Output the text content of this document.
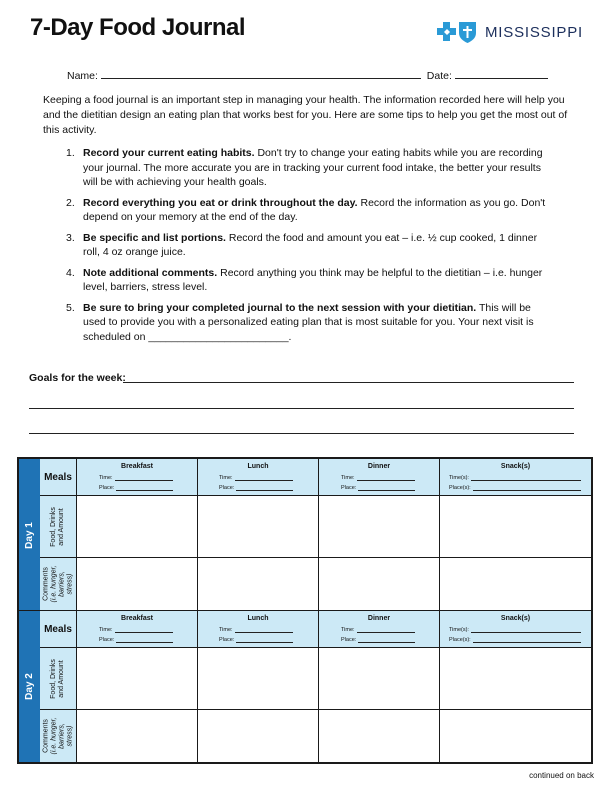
7-Day Food Journal	MISSISSIPPI
Name:	Date:
Keeping a food journal is an important step in managing your health. The information recorded here will help you and the dietitian design an eating plan that works best for you. Here are some tips to help you get the most out of this activity.
1. Record your current eating habits. Don't try to change your eating habits while you are recording your journal. The more accurate you are in tracking your current food intake, the better your results will be with achieving your health goals.
2. Record everything you eat or drink throughout the day. Record the information as you go. Don't depend on your memory at the end of the day.
3. Be specific and list portions. Record the food and amount you eat – i.e. ½ cup cooked, 1 dinner roll, 4 oz orange juice.
4. Note additional comments. Record anything you think may be helpful to the dietitian – i.e. hunger level, barriers, stress level.
5. Be sure to bring your completed journal to the next session with your dietitian. This will be used to provide you with a personalized eating plan that is most suitable for you. Your next visit is scheduled on ________________________.
Goals for the week:
Day 1
Meals
Food, Drinks and Amount
Comments (i.e. hunger, barriers, stress)
Breakfast
Time:
Place:
Lunch
Time:
Place:
Dinner
Time:
Place:
Snack(s)
Time(s):
Place(s):
Day 2
Meals
Food, Drinks and Amount
Comments (i.e. hunger, barriers, stress)
Breakfast
Time:
Place:
Lunch
Time:
Place:
Dinner
Time:
Place:
Snack(s)
Time(s):
Place(s):
continued on back
